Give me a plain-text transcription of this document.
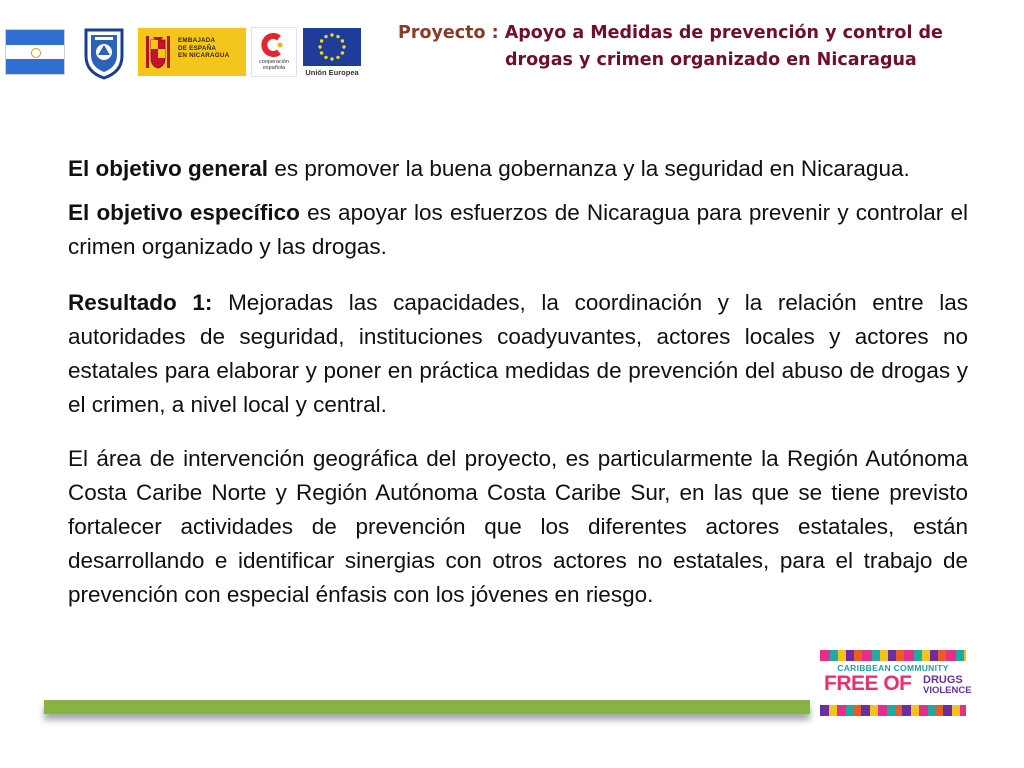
EMBAJADA
DE ESPAÑA
EN NICARAGUA
cooperación
española	Unión Europea
Proyecto : Apoyo a Medidas de prevención y control de
drogas y crimen organizado en Nicaragua

El objetivo general es promover la buena gobernanza y la seguridad en Nicaragua.

El objetivo específico es apoyar los esfuerzos de Nicaragua para prevenir y controlar el crimen organizado y las drogas.

Resultado 1: Mejoradas las capacidades, la coordinación y la relación entre las autoridades de seguridad, instituciones coadyuvantes, actores locales y actores no estatales para elaborar y poner en práctica medidas de prevención del abuso de drogas y el crimen, a nivel local y central.

El área de intervención geográfica del proyecto, es particularmente la Región Autónoma Costa Caribe Norte y Región Autónoma Costa Caribe Sur, en las que se tiene previsto fortalecer actividades de prevención que los diferentes actores estatales, están desarrollando e identificar sinergias con otros actores no estatales, para el trabajo de prevención con especial énfasis con los jóvenes en riesgo.

CARIBBEAN COMMUNITY
FREE OF DRUGS
VIOLENCE
